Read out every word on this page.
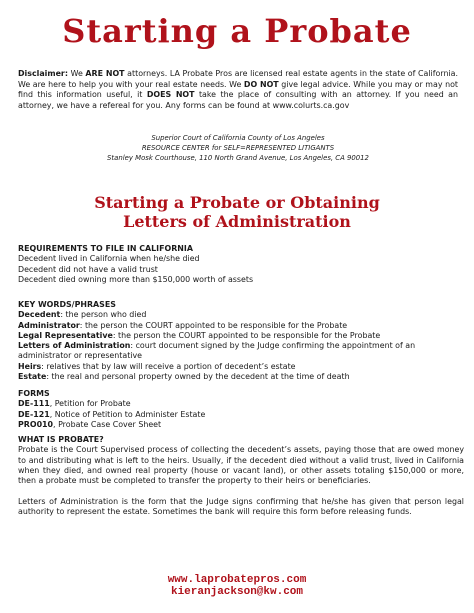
Starting a Probate

Disclaimer: We ARE NOT attorneys. LA Probate Pros are licensed real estate agents in the state of California. We are here to help you with your real estate needs. We DO NOT give legal advice. While you may or may not find this information useful, it DOES NOT take the place of consulting with an attorney. If you need an attorney, we have a refereal for you. Any forms can be found at www.colurts.ca.gov

Superior Court of California County of Los Angeles
RESOURCE CENTER for SELF=REPRESENTED LITIGANTS
Stanley Mosk Courthouse, 110 North Grand Avenue, Los Angeles, CA 90012
Starting a Probate or Obtaining
Letters of Administration
REQUIREMENTS TO FILE IN CALIFORNIA
Decedent lived in California when he/she died
Decedent did not have a valid trust
Decedent died owning more than $150,000 worth of assets
KEY WORDS/PHRASES
Decedent: the person who died
Administrator: the person the COURT appointed to be responsible for the Probate
Legal Representative: the person the COURT appointed to be responsible for the Probate
Letters of Administration: court document signed by the Judge confirming the appointment of an
administrator or representative
Heirs: relatives that by law will receive a portion of decedent’s estate
Estate: the real and personal property owned by the decedent at the time of death
FORMS
DE-111, Petition for Probate
DE-121, Notice of Petition to Administer Estate
PRO010, Probate Case Cover Sheet
WHAT IS PROBATE?

Probate is the Court Supervised process of collecting the decedent’s assets, paying those that are owed money to and distributing what is left to the heirs. Usually, if the decedent died without a valid trust, lived in California when they died, and owned real property (house or vacant land), or other assets totaling $150,000 or more, then a probate must be completed to transfer the property to their heirs or beneficiaries.

Letters of Administration is the form that the Judge signs confirming that he/she has given that person legal authority to represent the estate. Sometimes the bank will require this form before releasing funds.

www.laprobatepros.com
kieranjackson@kw.com
